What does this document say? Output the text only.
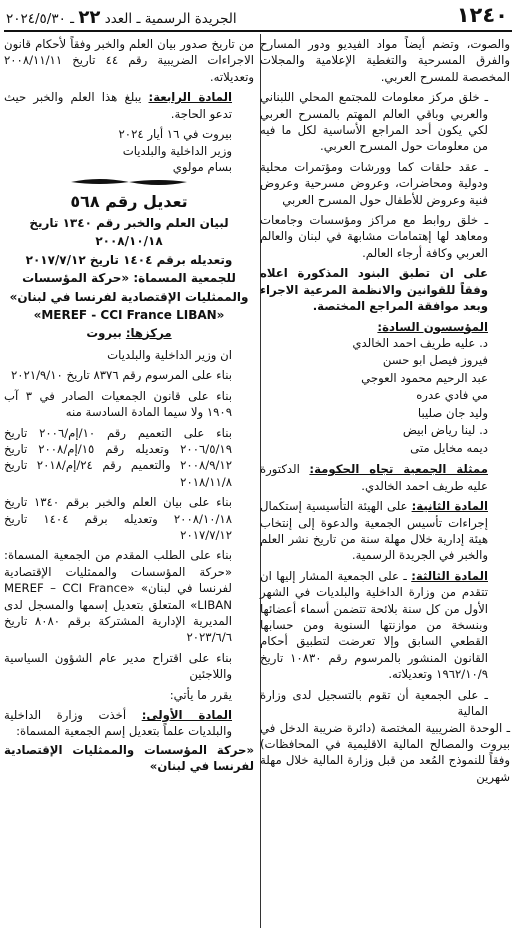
١٢٤٠
الجريدة الرسمية ـ العدد ٢٢ ـ ٢٠٢٤/٥/٣٠

والصوت، وتضم أيضاً مواد الفيديو ودور المسارح والفرق المسرحية والتغطية الإعلامية والمجلات المخصصة للمسرح العربي.

ـ خلق مركز معلومات للمجتمع المحلي اللبناني والعربي وباقي العالم المهتم بالمسرح العربي لكي يكون أحد المراجع الأساسية لكل ما فيه من معلومات حول المسرح العربي.

ـ عقد حلقات كما وورشات ومؤتمرات محلية ودولية ومحاضرات، وعروض مسرحية وعروض فنية وعروض للأطفال حول المسرح العربي

ـ خلق روابط مع مراكز ومؤسسات وجامعات ومعاهد لها إهتمامات مشابهة في لبنان والعالم العربي وكافة أرجاء العالم.

على ان تطبق البنود المذكورة اعلاه وفقاً للقوانين والانظمة المرعية الاجراء وبعد موافقة المراجع المختصة.

المؤسسون السادة:

د. عليه طريف احمد الخالدي
فيروز فيصل ابو حسن
عبد الرحيم محمود العوجي
مي فادي عدره
وليد جان صليبا
د. لينا رياض ابيض
ديمه مخايل متى

ممثلة الجمعية تجاه الحكومة: الدكتورة عليه طريف احمد الخالدي.

المادة الثانية: على الهيئة التأسيسية إستكمال إجراءات تأسيس الجمعية والدعوة إلى إنتخاب هيئة إدارية خلال مهلة سنة من تاريخ نشر العلم والخبر في الجريدة الرسمية.

المادة الثالثة: ـ على الجمعية المشار إليها ان تتقدم من وزارة الداخلية والبلديات في الشهر الأول من كل سنة بلائحة تتضمن أسماء أعضائها وبنسخة من موازنتها السنوية ومن حسابها القطعي السابق وإلا تعرضت لتطبيق أحكام القانون المنشور بالمرسوم رقم ١٠٨٣٠ تاريخ ١٩٦٢/١٠/٩ وتعديلاته.

ـ على الجمعية أن تقوم بالتسجيل لدى وزارة المالية

ـ الوحدة الضريبية المختصة (دائرة ضريبة الدخل في بيروت والمصالح المالية الاقليمية في المحافظات) وفقاً للنموذج المُعد من قبل وزارة المالية خلال مهلة شهرين

من تاريخ صدور بيان العلم والخبر وفقاً لأحكام قانون الاجراءات الضريبية رقم ٤٤ تاريخ ٢٠٠٨/١١/١١ وتعديلاته.

المادة الرابعة: يبلغ هذا العلم والخبر حيث تدعو الحاجة.

بيروت في ١٦ أيار ٢٠٢٤

وزير الداخلية والبلديات

بسام مولوي

تعديل رقم ٥٦٨
لبيان العلم والخبر رقم ١٣٤٠ تاريخ ٢٠٠٨/١٠/١٨
وتعديله برقم ١٤٠٤ تاريخ ٢٠١٧/٧/١٢
للجمعية المسماة: «حركة المؤسسات
والممثليات الإقتصادية لفرنسا في لبنان»
«MEREF - CCI France LIBAN»

مركزها: بيروت

ان وزير الداخلية والبلديات

بناء على المرسوم رقم ٨٣٧٦ تاريخ ٢٠٢١/٩/١٠

بناء على قانون الجمعيات الصادر في ٣ آب ١٩٠٩ ولا سيما المادة السادسة منه

بناء على التعميم رقم ١٠/إم/٢٠٠٦ تاريخ ٢٠٠٦/٥/١٩ وتعديله رقم ١٥/إم/٢٠٠٨ تاريخ ٢٠٠٨/٩/١٢ والتعميم رقم ٢٤/إم/٢٠١٨ تاريخ ٢٠١٨/١١/٨

بناء على بيان العلم والخبر برقم ١٣٤٠ تاريخ ٢٠٠٨/١٠/١٨ وتعديله برقم ١٤٠٤ تاريخ ٢٠١٧/٧/١٢

بناء على الطلب المقدم من الجمعية المسماة: «حركة المؤسسات والممثليات الإقتصادية لفرنسا في لبنان» «MEREF – CCI France LIBAN» المتعلق بتعديل إسمها والمسجل لدى المديرية الإدارية المشتركة برقم ٨٠٨٠ تاريخ ٢٠٢٣/٦/٦

بناء على اقتراح مدير عام الشؤون السياسية واللاجئين

يقرر ما يأتي:

المادة الأولى: أخذت وزارة الداخلية والبلديات علماً بتعديل إسم الجمعية المسماة:

«حركة المؤسسات والممثليات الإقتصادية لفرنسا في لبنان»
